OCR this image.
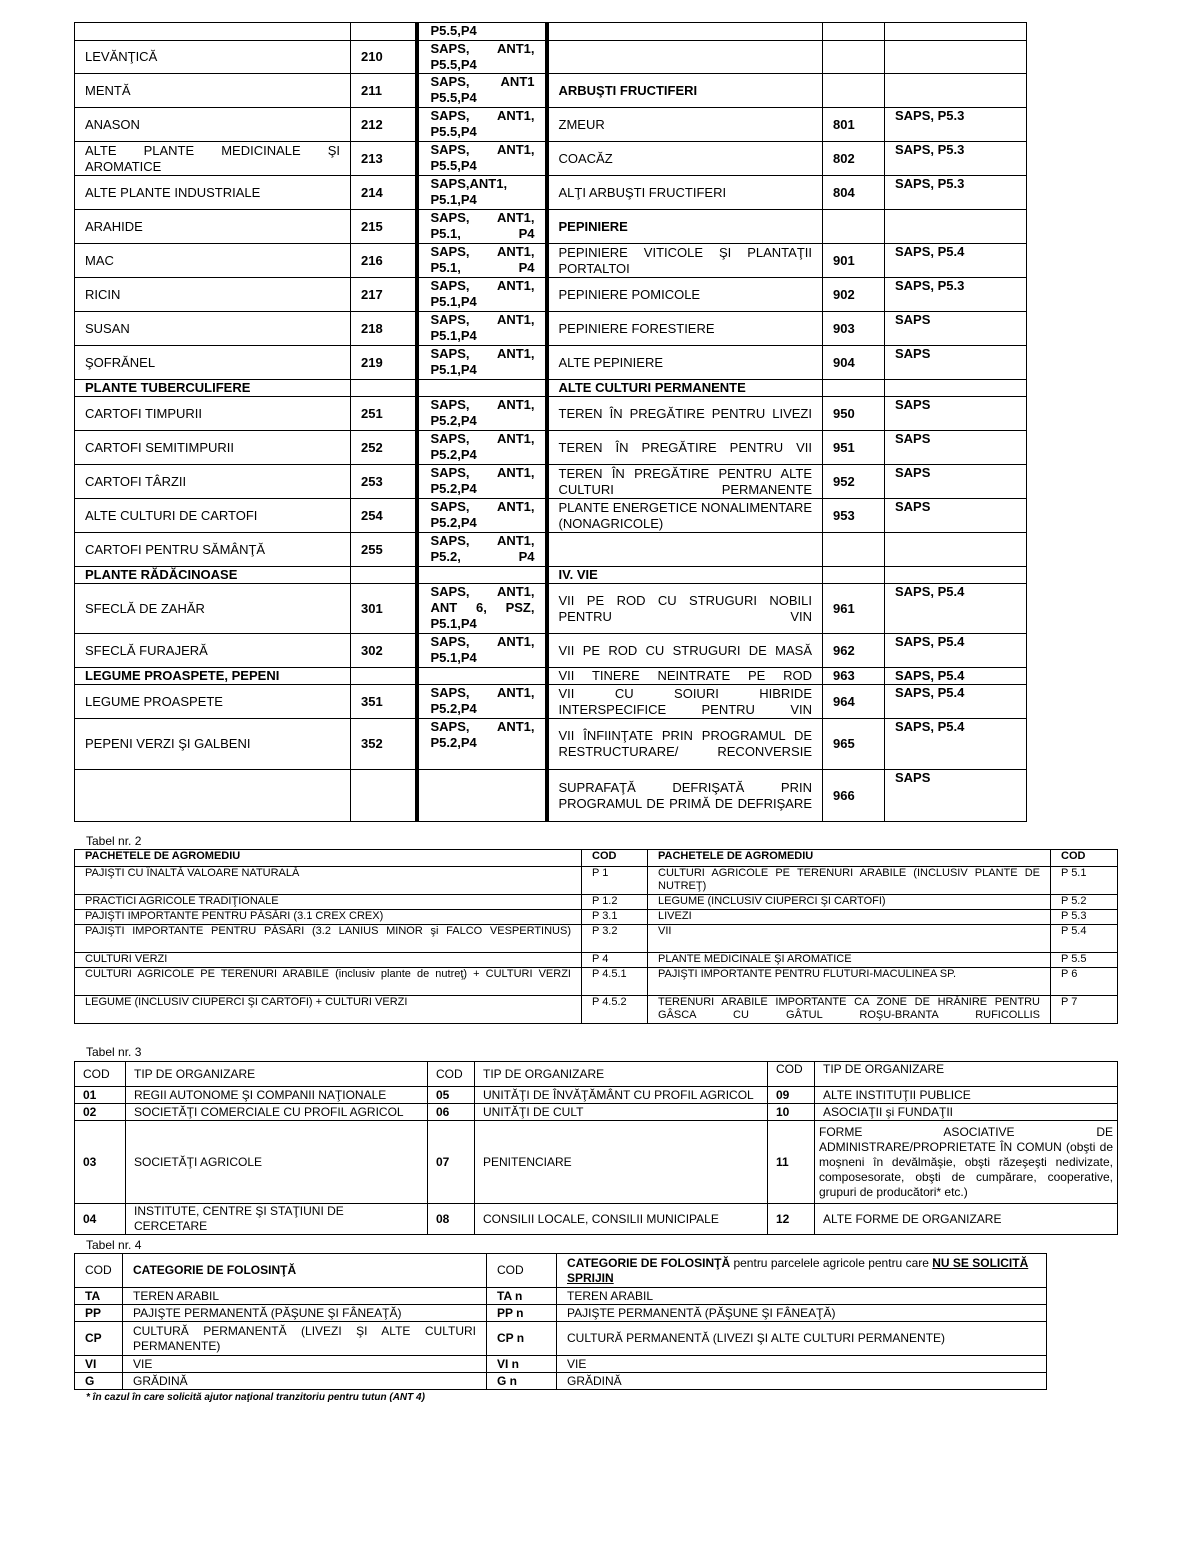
		P5.5,P4			
LEVĂNŢICĂ	210	SAPS, ANT1, P5.5,P4			
MENTĂ	211	SAPS, ANT1 P5.5,P4	ARBUŞTI FRUCTIFERI		
ANASON	212	SAPS, ANT1, P5.5,P4	ZMEUR	801	SAPS, P5.3
ALTE PLANTE MEDICINALE ŞI AROMATICE	213	SAPS, ANT1, P5.5,P4	COACĂZ	802	SAPS, P5.3
ALTE PLANTE INDUSTRIALE	214	SAPS,ANT1, P5.1,P4	ALŢI ARBUŞTI FRUCTIFERI	804	SAPS, P5.3
ARAHIDE	215	SAPS, ANT1, P5.1, P4	PEPINIERE		
MAC	216	SAPS, ANT1, P5.1, P4	PEPINIERE VITICOLE ŞI PLANTAŢII PORTALTOI	901	SAPS, P5.4
RICIN	217	SAPS, ANT1, P5.1,P4	PEPINIERE POMICOLE	902	SAPS, P5.3
SUSAN	218	SAPS, ANT1, P5.1,P4	PEPINIERE FORESTIERE	903	SAPS
ŞOFRĂNEL	219	SAPS, ANT1, P5.1,P4	ALTE PEPINIERE	904	SAPS
PLANTE TUBERCULIFERE			ALTE CULTURI PERMANENTE		
CARTOFI TIMPURII	251	SAPS, ANT1, P5.2,P4	TEREN ÎN PREGĂTIRE PENTRU LIVEZI	950	SAPS
CARTOFI SEMITIMPURII	252	SAPS, ANT1, P5.2,P4	TEREN ÎN PREGĂTIRE PENTRU VII	951	SAPS
CARTOFI TÂRZII	253	SAPS, ANT1, P5.2,P4	TEREN ÎN PREGĂTIRE PENTRU ALTE CULTURI PERMANENTE	952	SAPS
ALTE CULTURI DE CARTOFI	254	SAPS, ANT1, P5.2,P4	PLANTE ENERGETICE NONALIMENTARE (NONAGRICOLE)	953	SAPS
CARTOFI PENTRU SĂMÂNŢĂ	255	SAPS, ANT1, P5.2, P4			
PLANTE RĂDĂCINOASE			IV. VIE		
SFECLĂ DE ZAHĂR	301	SAPS, ANT1, ANT 6, PSZ, P5.1,P4	VII PE ROD CU STRUGURI NOBILI PENTRU VIN	961	SAPS, P5.4
SFECLĂ FURAJERĂ	302	SAPS, ANT1, P5.1,P4	VII PE ROD CU STRUGURI DE MASĂ	962	SAPS, P5.4
LEGUME PROASPETE, PEPENI			VII TINERE NEINTRATE PE ROD	963	SAPS, P5.4
LEGUME PROASPETE	351	SAPS, ANT1, P5.2,P4	VII CU SOIURI HIBRIDE INTERSPECIFICE PENTRU VIN	964	SAPS, P5.4
PEPENI VERZI ŞI GALBENI	352	SAPS, ANT1, P5.2,P4	VII ÎNFIINŢATE PRIN PROGRAMUL DE RESTRUCTURARE/ RECONVERSIE	965	SAPS, P5.4
			SUPRAFAŢĂ DEFRIŞATĂ PRIN PROGRAMUL DE PRIMĂ DE DEFRIŞARE	966	SAPS
Tabel nr. 2
PACHETELE DE AGROMEDIU	COD	PACHETELE DE AGROMEDIU	COD
PAJIŞTI CU ÎNALTĂ VALOARE NATURALĂ	P 1	CULTURI AGRICOLE PE TERENURI ARABILE (INCLUSIV PLANTE DE NUTREŢ)	P 5.1
PRACTICI AGRICOLE TRADIŢIONALE	P 1.2	LEGUME (INCLUSIV CIUPERCI ŞI CARTOFI)	P 5.2
PAJIŞTI IMPORTANTE PENTRU PĂSĂRI (3.1 CREX CREX)	P 3.1	LIVEZI	P 5.3
PAJIŞTI IMPORTANTE PENTRU PĂSĂRI (3.2 LANIUS MINOR şi FALCO VESPERTINUS)	P 3.2	VII	P 5.4
CULTURI VERZI	P 4	PLANTE MEDICINALE ŞI AROMATICE	P 5.5
CULTURI AGRICOLE PE TERENURI ARABILE (inclusiv plante de nutreţ) + CULTURI VERZI	P 4.5.1	PAJIŞTI IMPORTANTE PENTRU FLUTURI-MACULINEA SP.	P 6
LEGUME (INCLUSIV CIUPERCI ŞI CARTOFI) + CULTURI VERZI	P 4.5.2	TERENURI ARABILE IMPORTANTE CA ZONE DE HRĂNIRE PENTRU GÂSCA CU GÂTUL ROŞU-BRANTA RUFICOLLIS	P 7
Tabel nr. 3
COD	TIP DE ORGANIZARE	COD	TIP DE ORGANIZARE	COD	TIP DE ORGANIZARE
01	REGII AUTONOME ŞI COMPANII NAŢIONALE	05	UNITĂŢI DE ÎNVĂŢĂMÂNT CU PROFIL AGRICOL	09	ALTE INSTITUŢII PUBLICE
02	SOCIETĂŢI COMERCIALE CU PROFIL AGRICOL	06	UNITĂŢI DE CULT	10	ASOCIAŢII şi FUNDAŢII
03	SOCIETĂŢI AGRICOLE	07	PENITENCIARE	11	FORME ASOCIATIVE DE ADMINISTRARE/PROPRIETATE ÎN COMUN (obşti de moşneni în devălmăşie, obşti răzeşeşti nedivizate, composesorate, obşti de cumpărare, cooperative, grupuri de producători* etc.)
04	INSTITUTE, CENTRE ŞI STAŢIUNI DE CERCETARE	08	CONSILII LOCALE, CONSILII MUNICIPALE	12	ALTE FORME DE ORGANIZARE
Tabel nr. 4
COD	CATEGORIE DE FOLOSINŢĂ	COD	CATEGORIE DE FOLOSINŢĂ pentru parcelele agricole pentru care NU SE SOLICITĂ SPRIJIN
TA	TEREN ARABIL	TA n	TEREN ARABIL
PP	PAJIŞTE PERMANENTĂ (PĂŞUNE ŞI FÂNEAŢĂ)	PP n	PAJIŞTE PERMANENTĂ (PĂŞUNE ŞI FÂNEAŢĂ)
CP	CULTURĂ PERMANENTĂ (LIVEZI ŞI ALTE CULTURI PERMANENTE)	CP n	CULTURĂ PERMANENTĂ (LIVEZI ŞI ALTE CULTURI PERMANENTE)
VI	VIE	VI n	VIE
G	GRĂDINĂ	G n	GRĂDINĂ
* în cazul în care solicită ajutor naţional tranzitoriu pentru tutun (ANT 4)
